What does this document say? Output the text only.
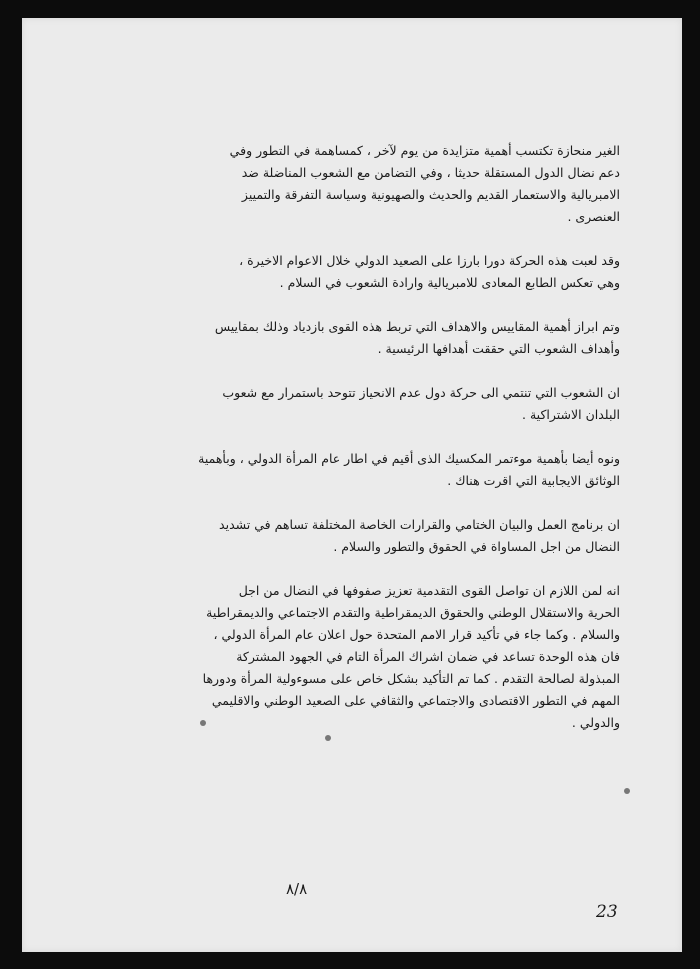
الغير منحازة تكتسب أهمية متزايدة من يوم لآخر ، كمساهمة في التطور وفي
دعم نضال الدول المستقلة حديثا ، وفي التضامن مع الشعوب المناضلة ضد
الامبريالية والاستعمار القديم والحديث والصهيونية وسياسة التفرقة والتمييز
العنصرى .

وقد لعبت هذه الحركة دورا بارزا على الصعيد الدولي خلال الاعوام الاخيرة ،
وهي تعكس الطابع المعادى للامبريالية وارادة الشعوب في السلام .

وتم ابراز أهمية المقاييس والاهداف التي تربط هذه القوى بازدياد وذلك بمقاييس
وأهداف الشعوب التي حققت أهدافها الرئيسية .

ان الشعوب التي تنتمي الى حركة دول عدم الانحياز تتوحد باستمرار مع شعوب
البلدان الاشتراكية .

ونوه أيضا بأهمية موءتمر المكسيك الذى أقيم في اطار عام المرأة الدولي ، وبأهمية
الوثائق الايجابية التي اقرت هناك .

ان برنامج العمل والبيان الختامي والقرارات الخاصة المختلفة تساهم في تشديد
النضال من اجل المساواة في الحقوق والتطور والسلام .

انه لمن اللازم ان تواصل القوى التقدمية تعزيز صفوفها في النضال من اجل
الحرية والاستقلال الوطني والحقوق الديمقراطية والتقدم الاجتماعي والديمقراطية
والسلام . وكما جاء في تأكيد قرار الامم المتحدة حول اعلان عام المرأة الدولي ،
فان هذه الوحدة تساعد في ضمان اشراك المرأة التام في الجهود المشتركة
المبذولة لصالحة التقدم . كما تم التأكيد بشكل خاص على مسوءولية المرأة ودورها
المهم في التطور الاقتصادى والاجتماعي والثقافي على الصعيد الوطني والاقليمي
والدولي .

٨/٨
23
